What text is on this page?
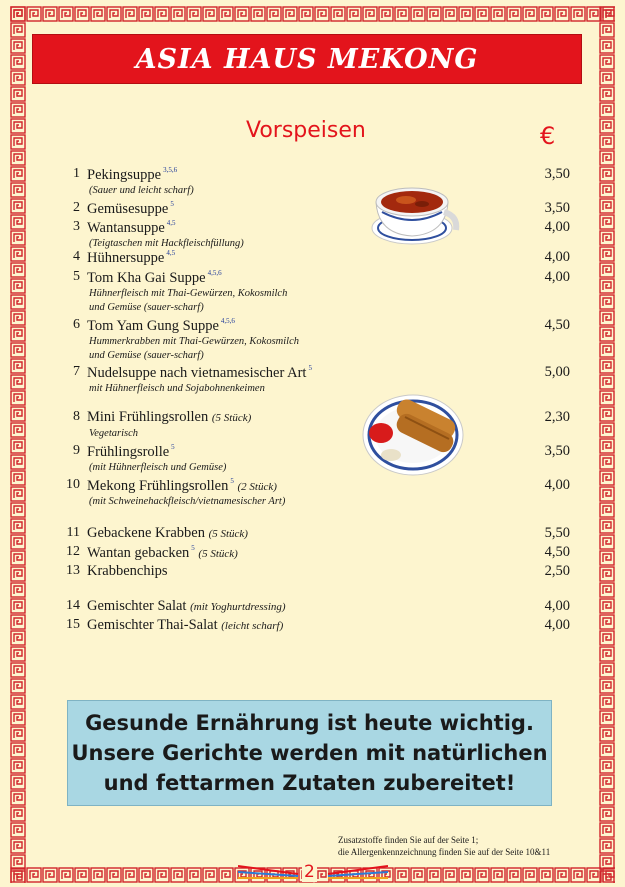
ASIA HAUS MEKONG
Vorspeisen	€
1 Pekingsuppe $^{3,5,6}$	3,50
(Sauer und leicht scharf)
2 Gemüsesuppe $^5$	3,50
3 Wantansuppe $^{4,5}$	4,00
(Teigtaschen mit Hackfleischfüllung)
4 Hühnersuppe $^{4,5}$	4,00
5 Tom Kha Gai Suppe $^{4,5,6}$	4,00
Hühnerfleisch mit Thai-Gewürzen, Kokosmilch
und Gemüse (sauer-scharf)
6 Tom Yam Gung Suppe $^{4,5,6}$	4,50
Hummerkrabben mit Thai-Gewürzen, Kokosmilch
und Gemüse (sauer-scharf)
7 Nudelsuppe nach vietnamesischer Art $^5$	5,00
mit Hühnerfleisch und Sojabohnenkeimen
8 Mini Frühlingsrollen (5 Stück)	2,30
Vegetarisch
9 Frühlingsrolle $^5$	3,50
(mit Hühnerfleisch und Gemüse)
10 Mekong Frühlingsrollen $^5$ (2 Stück)	4,00
(mit Schweinehackfleisch/vietnamesischer Art)
11 Gebackene Krabben (5 Stück)	5,50
12 Wantan gebacken $^5$ (5 Stück)	4,50
13 Krabbenchips	2,50
14 Gemischter Salat (mit Yoghurtdressing)	4,00
15 Gemischter Thai-Salat (leicht scharf)	4,00
Gesunde Ernährung ist heute wichtig.
Unsere Gerichte werden mit natürlichen
und fettarmen Zutaten zubereitet!
Zusatzstoffe finden Sie auf der Seite 1;
die Allergenkennzeichnung finden Sie auf der Seite 10&11
2
